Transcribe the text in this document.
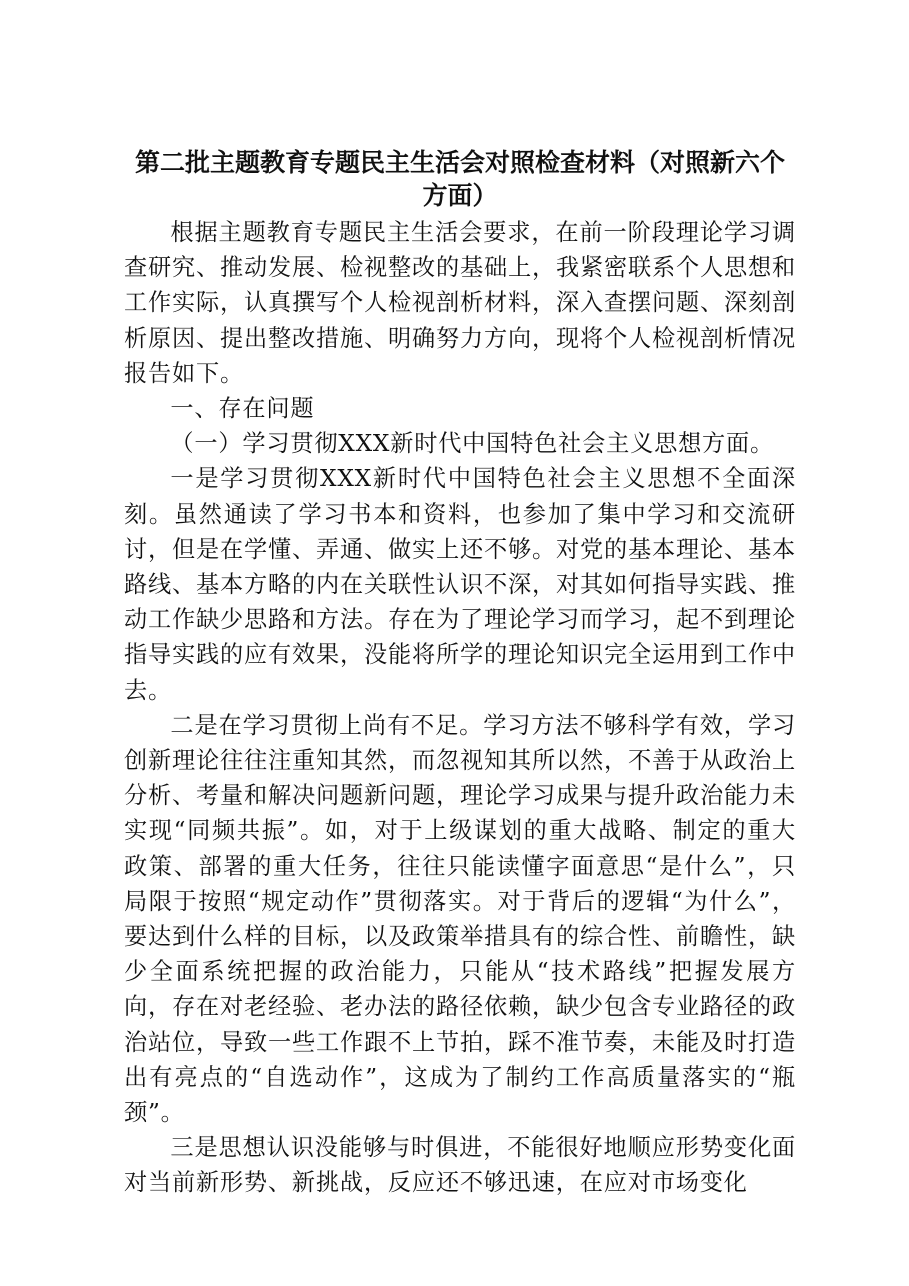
第二批主题教育专题民主生活会对照检查材料（对照新六个方面）

根据主题教育专题民主生活会要求，在前一阶段理论学习调查研究、推动发展、检视整改的基础上，我紧密联系个人思想和工作实际，认真撰写个人检视剖析材料，深入查摆问题、深刻剖析原因、提出整改措施、明确努力方向，现将个人检视剖析情况报告如下。

一、存在问题

（一）学习贯彻XXX新时代中国特色社会主义思想方面。

一是学习贯彻XXX新时代中国特色社会主义思想不全面深刻。虽然通读了学习书本和资料，也参加了集中学习和交流研讨，但是在学懂、弄通、做实上还不够。对党的基本理论、基本路线、基本方略的内在关联性认识不深，对其如何指导实践、推动工作缺少思路和方法。存在为了理论学习而学习，起不到理论指导实践的应有效果，没能将所学的理论知识完全运用到工作中去。

二是在学习贯彻上尚有不足。学习方法不够科学有效，学习创新理论往往注重知其然，而忽视知其所以然，不善于从政治上分析、考量和解决问题新问题，理论学习成果与提升政治能力未实现“同频共振”。如，对于上级谋划的重大战略、制定的重大政策、部署的重大任务，往往只能读懂字面意思“是什么”，只局限于按照“规定动作”贯彻落实。对于背后的逻辑“为什么”，要达到什么样的目标，以及政策举措具有的综合性、前瞻性，缺少全面系统把握的政治能力，只能从“技术路线”把握发展方向，存在对老经验、老办法的路径依赖，缺少包含专业路径的政治站位，导致一些工作跟不上节拍，踩不准节奏，未能及时打造出有亮点的“自选动作”，这成为了制约工作高质量落实的“瓶颈”。

三是思想认识没能够与时俱进，不能很好地顺应形势变化面对当前新形势、新挑战，反应还不够迅速，在应对市场变化
